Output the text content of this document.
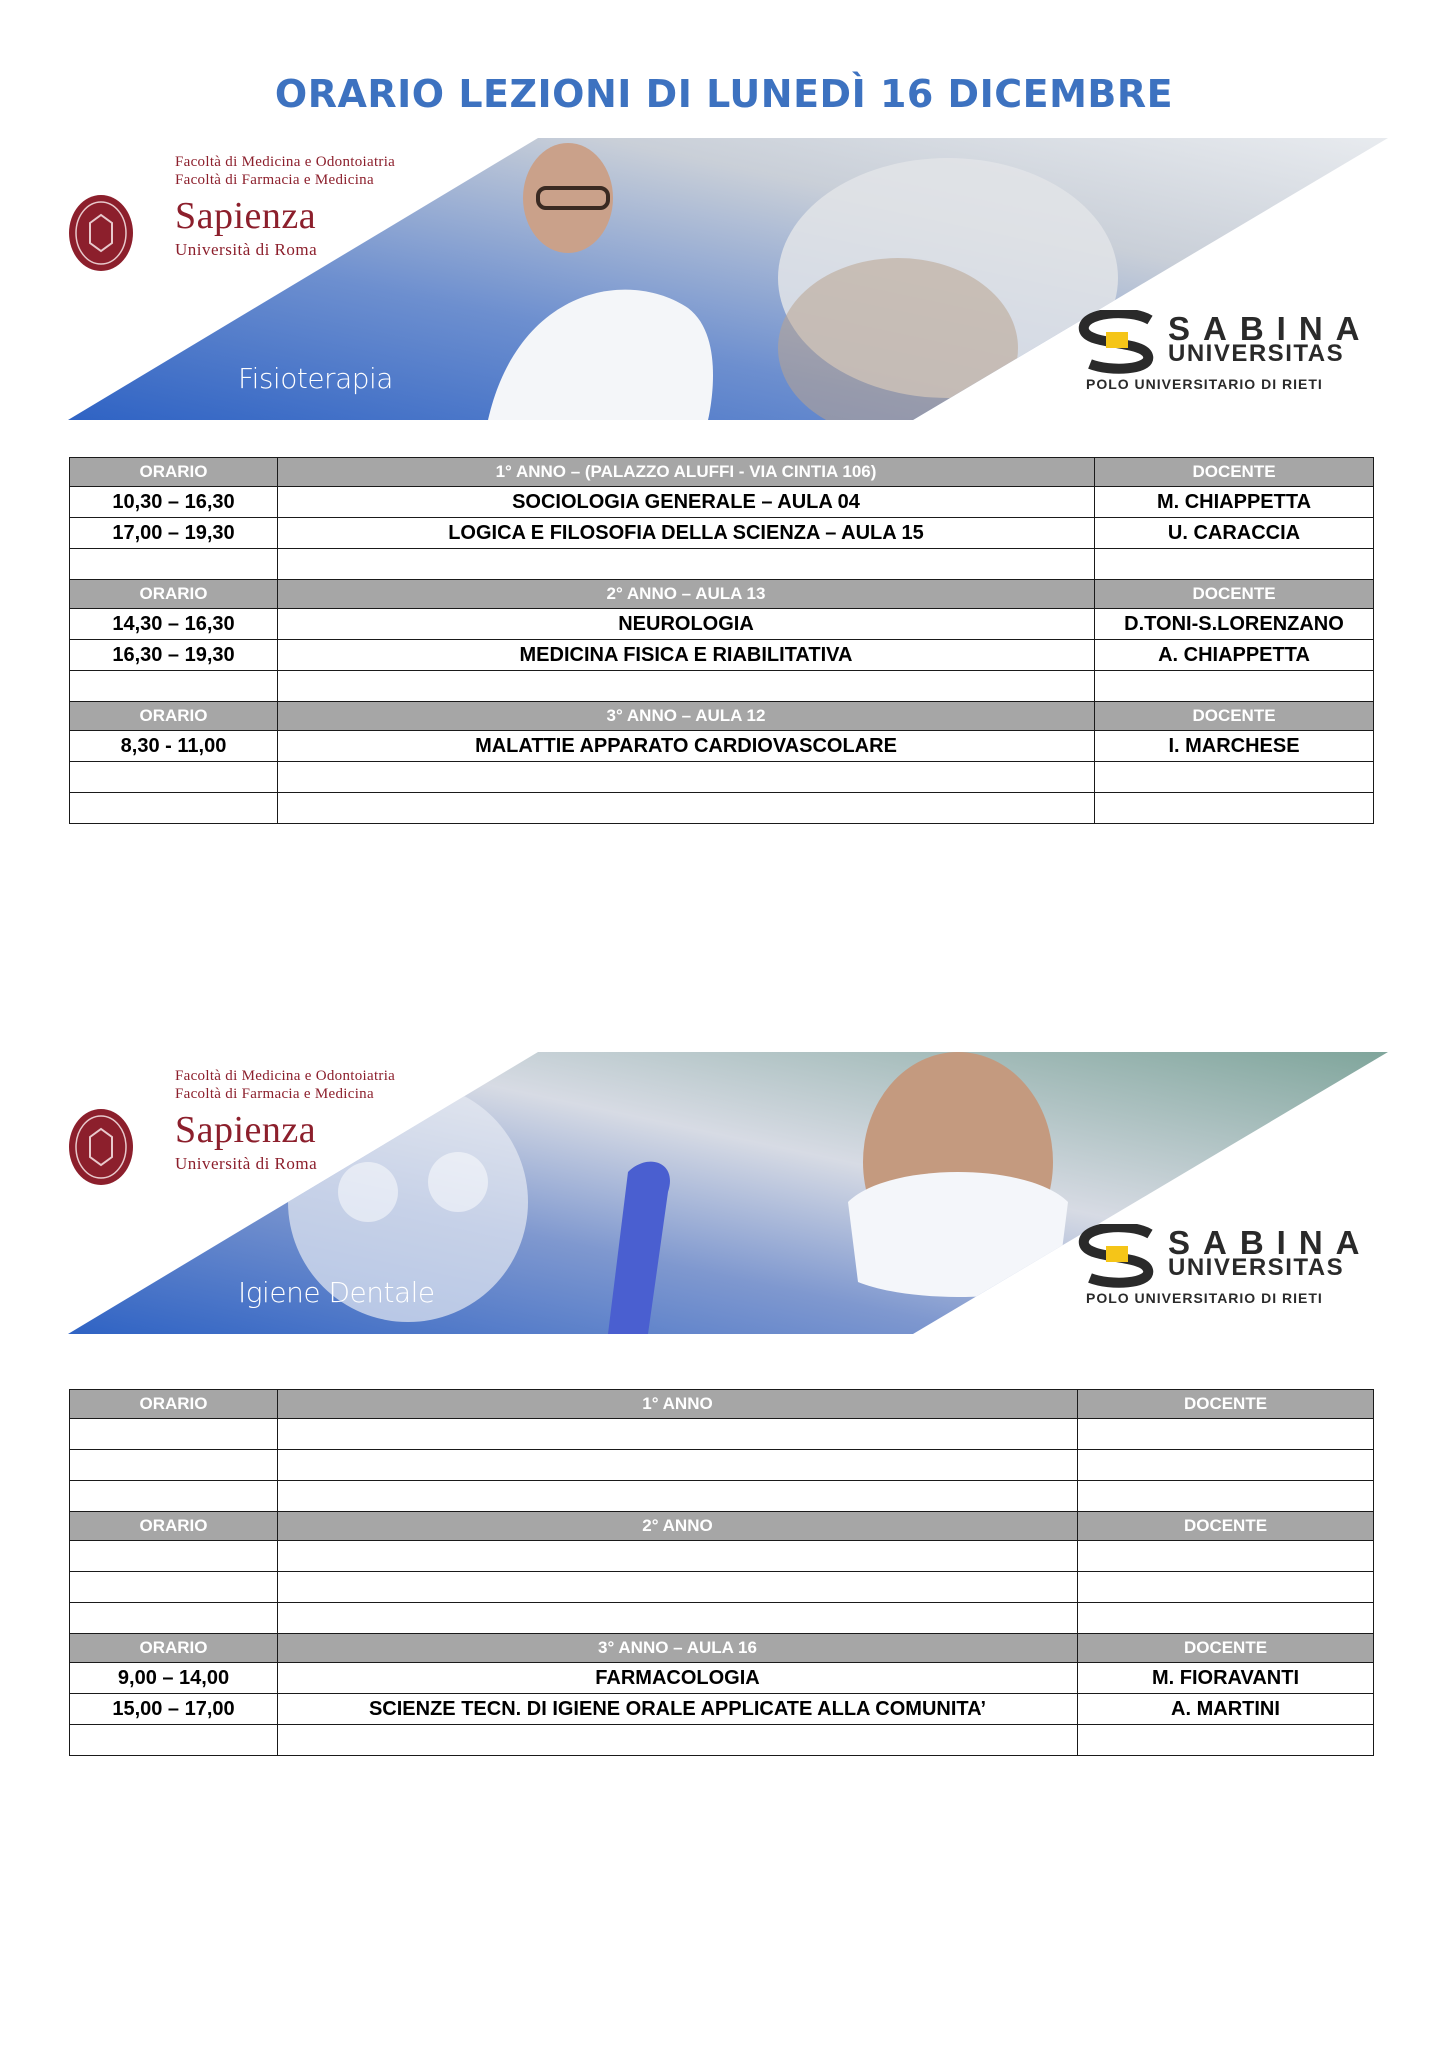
ORARIO LEZIONI DI LUNEDÌ 16 DICEMBRE
Facoltà di Medicina e Odontoiatria
Facoltà di Farmacia e Medicina
Sapienza
Università di Roma
Fisioterapia
SABINA
UNIVERSITAS
POLO UNIVERSITARIO DI RIETI
ORARIO	1° ANNO – (PALAZZO ALUFFI - VIA CINTIA 106)	DOCENTE
10,30 – 16,30	SOCIOLOGIA GENERALE – AULA 04	M. CHIAPPETTA
17,00 – 19,30	LOGICA E FILOSOFIA DELLA SCIENZA – AULA 15	U. CARACCIA

ORARIO	2° ANNO – AULA 13	DOCENTE
14,30 – 16,30	NEUROLOGIA	D.TONI-S.LORENZANO
16,30 – 19,30	MEDICINA FISICA E RIABILITATIVA	A. CHIAPPETTA

ORARIO	3° ANNO – AULA 12	DOCENTE
8,30 - 11,00	MALATTIE APPARATO CARDIOVASCOLARE	I. MARCHESE

Facoltà di Medicina e Odontoiatria
Facoltà di Farmacia e Medicina
Sapienza
Università di Roma
Igiene Dentale
SABINA
UNIVERSITAS
POLO UNIVERSITARIO DI RIETI
ORARIO	1° ANNO	DOCENTE

ORARIO	2° ANNO	DOCENTE

ORARIO	3° ANNO – AULA 16	DOCENTE
9,00 – 14,00	FARMACOLOGIA	M. FIORAVANTI
15,00 – 17,00	SCIENZE TECN. DI IGIENE ORALE APPLICATE ALLA COMUNITA’	A. MARTINI
